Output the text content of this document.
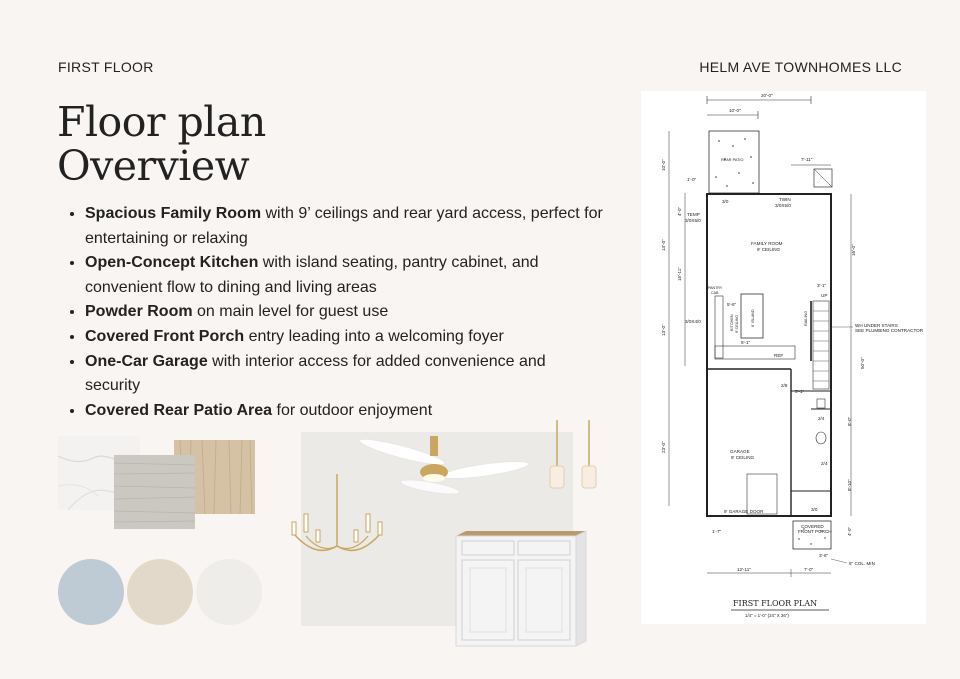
FIRST FLOOR	HELM AVE TOWNHOMES LLC
Floor plan
Overview
• Spacious Family Room with 9’ ceilings and rear yard access, perfect for entertaining or relaxing
• Open-Concept Kitchen with island seating, pantry cabinet, and convenient flow to dining and living areas
• Powder Room on main level for guest use
• Covered Front Porch entry leading into a welcoming foyer
• One-Car Garage with interior access for added convenience and security
• Covered Rear Patio Area for outdoor enjoyment
20'-0"
10'-0"
7'-11"
REAR PATIO
10'-0"
4'-0"
14'-0"
15'-11"
13'-0"
23'-0"
1'-7"
1'-0"
3/0	TWIN
3/0X5/0
TEMP
3/0X5/0
FAMILY ROOM
9' CEILING
PANTRY
CAB
5'-6"
KITCHEN 9' CEILING	6' ISLAND
3/0X4/0
5'-1"
REF
3'-1"
UP
RAILING	WH UNDER STAIRS
SEE PLUMBING CONTRACTOR
5'-1"
16'-0"
50'-0"
8'-0"
8'-10"
4'-0"
2/8
2/4
2/4
GARAGE
9' CEILING
9' GARAGE DOOR	3/0
COVERED
FRONT PORCH
3'-6"
6" COL. MIN
12'-11"	7'-0"
FIRST FLOOR PLAN
1/4" = 1'-0" (24" X 36")
